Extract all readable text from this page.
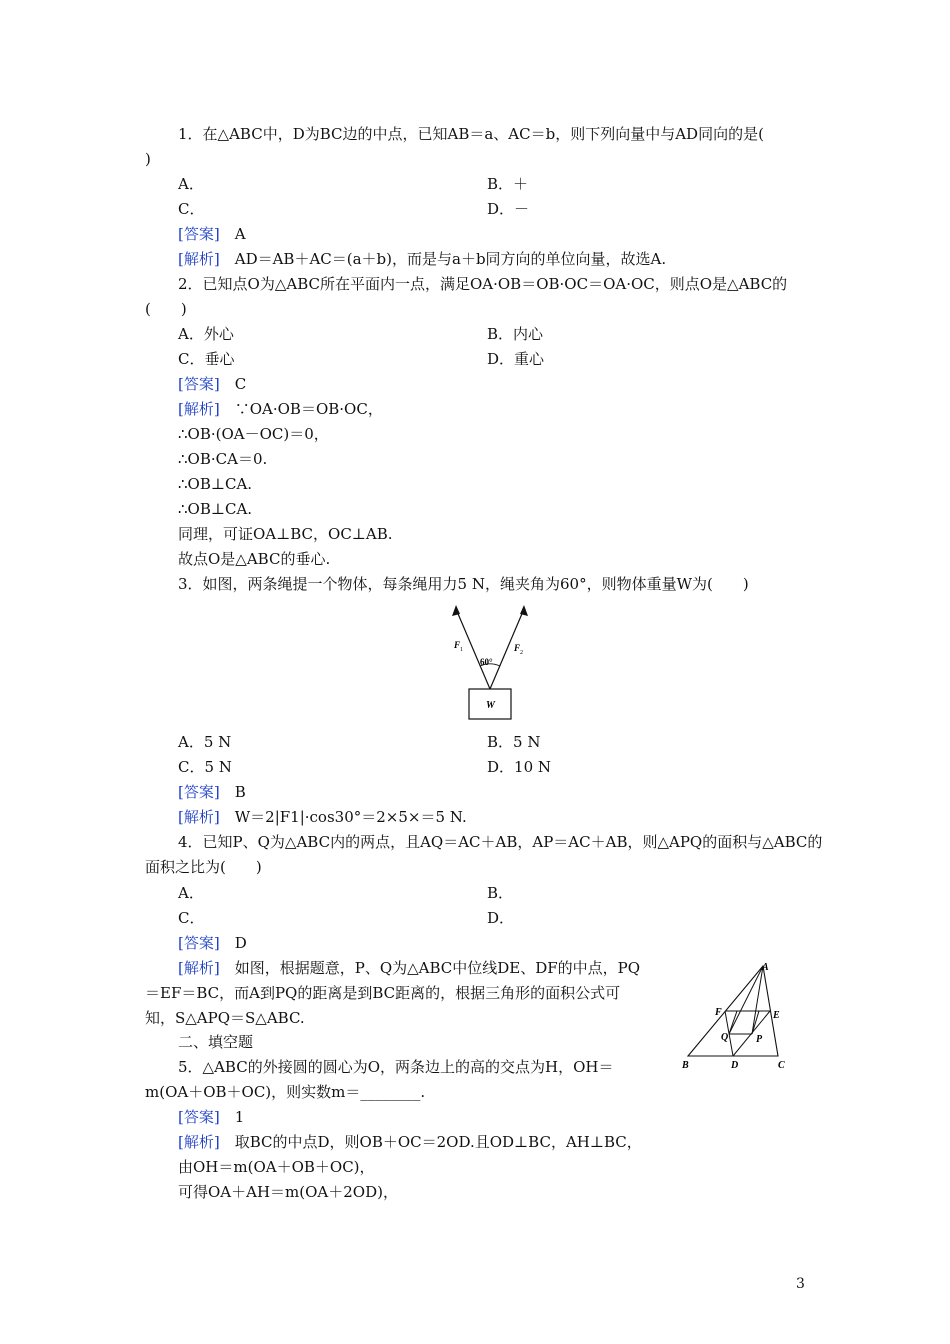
1．在△ABC中，D为BC边的中点，已知AB＝a、AC＝b，则下列向量中与AD同向的是(
)
A．	B．＋
C．	D．－
[答案]　 A
[解析]　 AD＝AB＋AC＝(a＋b)，而是与a＋b同方向的单位向量，故选A.
2．已知点O为△ABC所在平面内一点，满足OA·OB＝OB·OC＝OA·OC，则点O是△ABC的
(　　)
A．外心	B．内心
C．垂心	D．重心
[答案]　 C
[解析]　 ∵OA·OB＝OB·OC，
∴OB·(OA－OC)＝0，
∴OB·CA＝0.
∴OB⊥CA.
∴OB⊥CA.
同理，可证OA⊥BC，OC⊥AB.
故点O是△ABC的垂心.
3．如图，两条绳提一个物体，每条绳用力5 N，绳夹角为60°，则物体重量W为(　　)
F 1	F 2
60°
W
A．5 N	B．5 N
C．5 N	D．10 N
[答案]　 B
[解析]　 W＝2|F1|·cos30°＝2×5×＝5 N.
4．已知P、Q为△ABC内的两点，且AQ＝AC＋AB，AP＝AC＋AB，则△APQ的面积与△ABC的
面积之比为(　　)
A．	B．
C．	D．
[答案]　 D
[解析]　 如图，根据题意，P、Q为△ABC中位线DE、DF的中点，PQ
＝EF＝BC，而A到PQ的距离是到BC距离的，根据三角形的面积公式可
知，S△APQ＝S△ABC.
A
B	C
D
E
F
P
Q
二、填空题
5．△ABC的外接圆的圆心为O，两条边上的高的交点为H，OH＝
m(OA＋OB＋OC)，则实数m＝________.
[答案]　 1
[解析]　 取BC的中点D，则OB＋OC＝2OD.且OD⊥BC，AH⊥BC，
由OH＝m(OA＋OB＋OC)，
可得OA＋AH＝m(OA＋2OD)，
3
